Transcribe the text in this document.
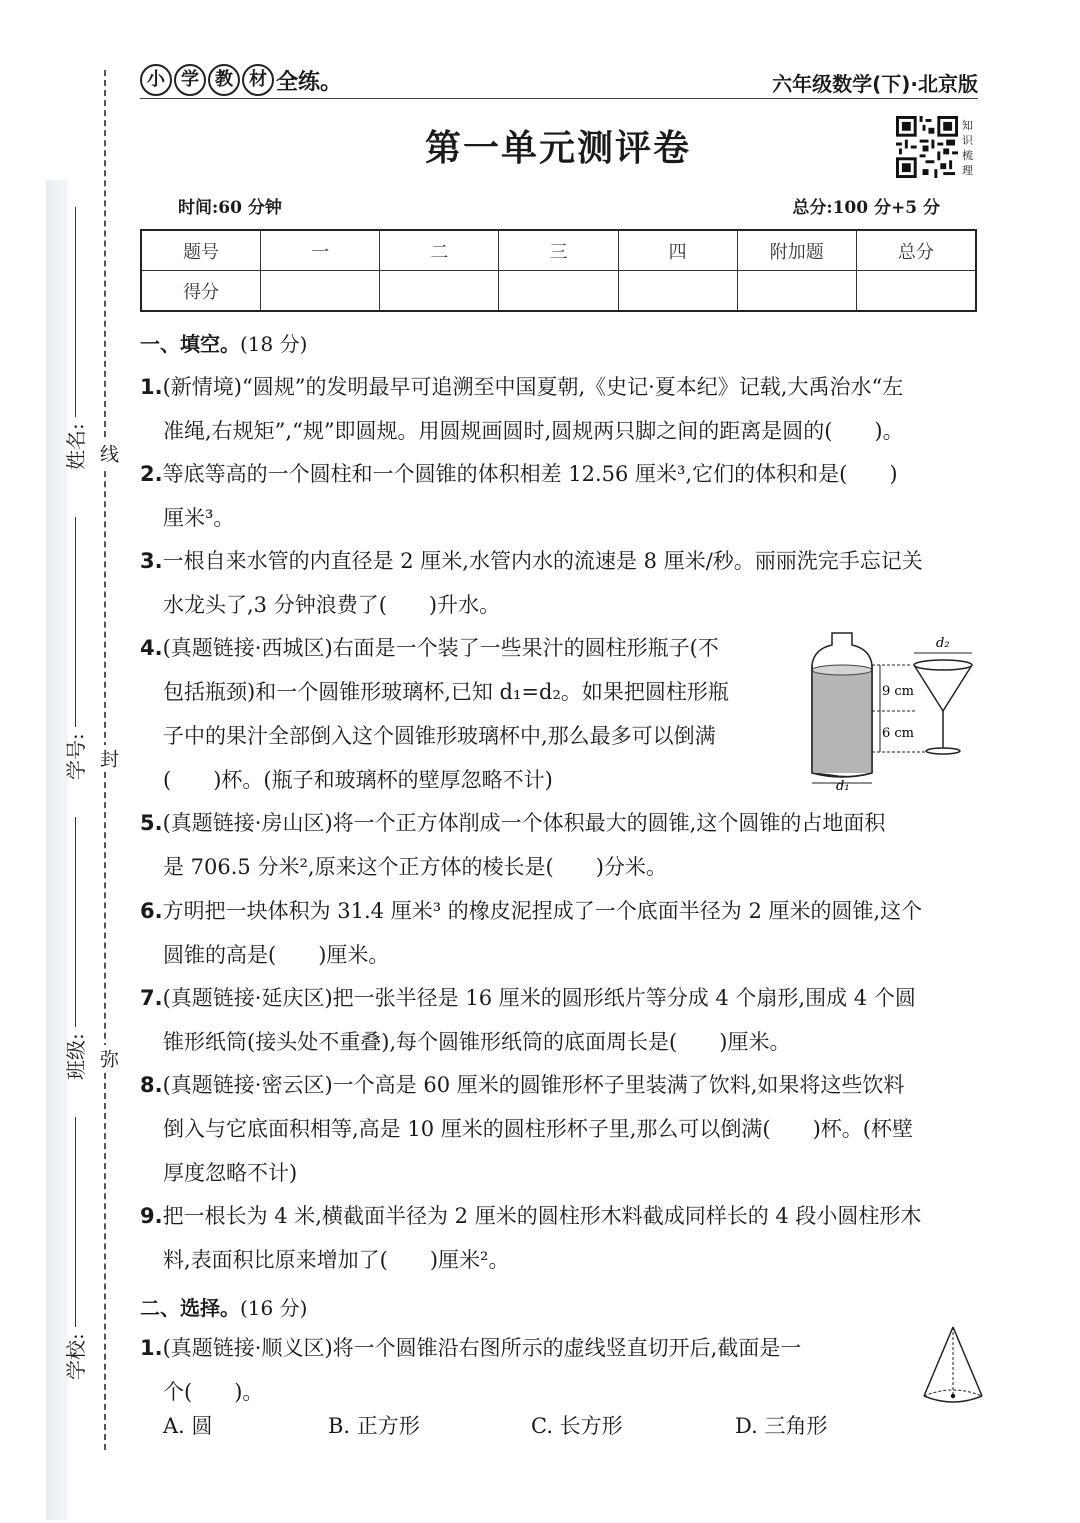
姓名:
学号:
班级:
学校:
线
封
弥
小 学 教 材 全练。	六年级数学(下)·北京版
第一单元测评卷
知识梳理
时间:60 分钟	总分:100 分+5 分
题号	一	二	三	四	附加题	总分
得分						
一、填空。(18 分)

1.(新情境)“圆规”的发明最早可追溯至中国夏朝,《史记·夏本纪》记载,大禹治水“左

准绳,右规矩”,“规”即圆规。用圆规画圆时,圆规两只脚之间的距离是圆的(　　)。

2.等底等高的一个圆柱和一个圆锥的体积相差 12.56 厘米³,它们的体积和是(　　)

厘米³。

3.一根自来水管的内直径是 2 厘米,水管内水的流速是 8 厘米/秒。丽丽洗完手忘记关

水龙头了,3 分钟浪费了(　　)升水。

4.(真题链接·西城区)右面是一个装了一些果汁的圆柱形瓶子(不

包括瓶颈)和一个圆锥形玻璃杯,已知 d₁=d₂。如果把圆柱形瓶

子中的果汁全部倒入这个圆锥形玻璃杯中,那么最多可以倒满

(　　)杯。(瓶子和玻璃杯的壁厚忽略不计)	d₁
9 cm
6 cm
d₂

5.(真题链接·房山区)将一个正方体削成一个体积最大的圆锥,这个圆锥的占地面积

是 706.5 分米²,原来这个正方体的棱长是(　　)分米。

6.方明把一块体积为 31.4 厘米³ 的橡皮泥捏成了一个底面半径为 2 厘米的圆锥,这个

圆锥的高是(　　)厘米。

7.(真题链接·延庆区)把一张半径是 16 厘米的圆形纸片等分成 4 个扇形,围成 4 个圆

锥形纸筒(接头处不重叠),每个圆锥形纸筒的底面周长是(　　)厘米。

8.(真题链接·密云区)一个高是 60 厘米的圆锥形杯子里装满了饮料,如果将这些饮料

倒入与它底面积相等,高是 10 厘米的圆柱形杯子里,那么可以倒满(　　)杯。(杯壁

厚度忽略不计)

9.把一根长为 4 米,横截面半径为 2 厘米的圆柱形木料截成同样长的 4 段小圆柱形木

料,表面积比原来增加了(　　)厘米²。

二、选择。(16 分)

1.(真题链接·顺义区)将一个圆锥沿右图所示的虚线竖直切开后,截面是一

个(　　)。

A. 圆	B. 正方形	C. 长方形	D. 三角形
